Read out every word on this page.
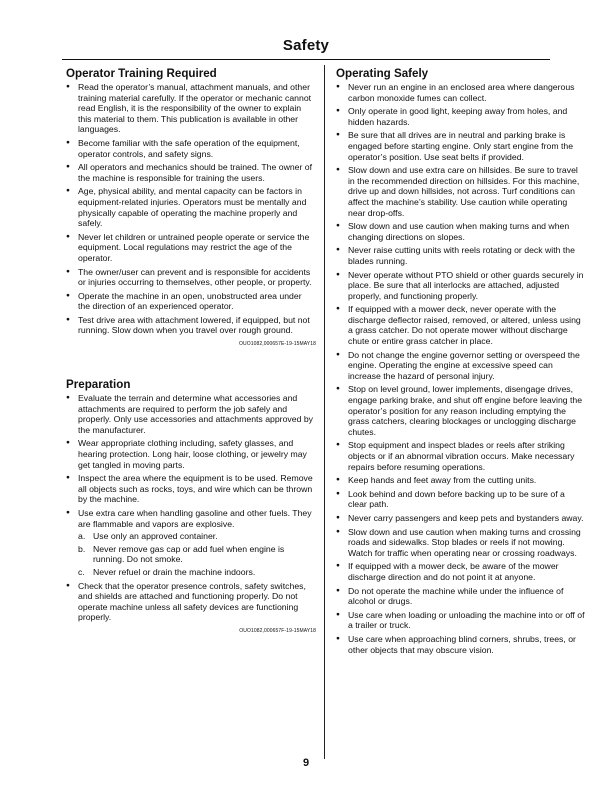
Safety
Operator Training Required
● Read the operator’s manual, attachment manuals, and other training material carefully. If the operator or mechanic cannot read English, it is the responsibility of the owner to explain this material to them. This publication is available in other languages.
● Become familiar with the safe operation of the equipment, operator controls, and safety signs.
● All operators and mechanics should be trained. The owner of the machine is responsible for training the users.
● Age, physical ability, and mental capacity can be factors in equipment-related injuries. Operators must be mentally and physically capable of operating the machine properly and safely.
● Never let children or untrained people operate or service the equipment. Local regulations may restrict the age of the operator.
● The owner/user can prevent and is responsible for accidents or injuries occurring to themselves, other people, or property.
● Operate the machine in an open, unobstructed area under the direction of an experienced operator.
● Test drive area with attachment lowered, if equipped, but not running. Slow down when you travel over rough ground.

OUO1082,000657E-19-15MAY18

Preparation
● Evaluate the terrain and determine what accessories and attachments are required to perform the job safely and properly. Only use accessories and attachments approved by the manufacturer.
● Wear appropriate clothing including, safety glasses, and hearing protection. Long hair, loose clothing, or jewelry may get tangled in moving parts.
● Inspect the area where the equipment is to be used. Remove all objects such as rocks, toys, and wire which can be thrown by the machine.
● Use extra care when handling gasoline and other fuels. They are flammable and vapors are explosive.
a. Use only an approved container.
b. Never remove gas cap or add fuel when engine is running. Do not smoke.
c. Never refuel or drain the machine indoors.
● Check that the operator presence controls, safety switches, and shields are attached and functioning properly. Do not operate machine unless all safety devices are functioning properly.

OUO1082,000657F-19-15MAY18

Operating Safely
● Never run an engine in an enclosed area where dangerous carbon monoxide fumes can collect.
● Only operate in good light, keeping away from holes, and hidden hazards.
● Be sure that all drives are in neutral and parking brake is engaged before starting engine. Only start engine from the operator’s position. Use seat belts if provided.
● Slow down and use extra care on hillsides. Be sure to travel in the recommended direction on hillsides. For this machine, drive up and down hillsides, not across. Turf conditions can affect the machine’s stability. Use caution while operating near drop-offs.
● Slow down and use caution when making turns and when changing directions on slopes.
● Never raise cutting units with reels rotating or deck with the blades running.
● Never operate without PTO shield or other guards securely in place. Be sure that all interlocks are attached, adjusted properly, and functioning properly.
● If equipped with a mower deck, never operate with the discharge deflector raised, removed, or altered, unless using a grass catcher. Do not operate mower without discharge chute or entire grass catcher in place.
● Do not change the engine governor setting or overspeed the engine. Operating the engine at excessive speed can increase the hazard of personal injury.
● Stop on level ground, lower implements, disengage drives, engage parking brake, and shut off engine before leaving the operator’s position for any reason including emptying the grass catchers, clearing blockages or unclogging discharge chutes.
● Stop equipment and inspect blades or reels after striking objects or if an abnormal vibration occurs. Make necessary repairs before resuming operations.
● Keep hands and feet away from the cutting units.
● Look behind and down before backing up to be sure of a clear path.
● Never carry passengers and keep pets and bystanders away.
● Slow down and use caution when making turns and crossing roads and sidewalks. Stop blades or reels if not mowing. Watch for traffic when operating near or crossing roadways.
● If equipped with a mower deck, be aware of the mower discharge direction and do not point it at anyone.
● Do not operate the machine while under the influence of alcohol or drugs.
● Use care when loading or unloading the machine into or off of a trailer or truck.
● Use care when approaching blind corners, shrubs, trees, or other objects that may obscure vision.
9
